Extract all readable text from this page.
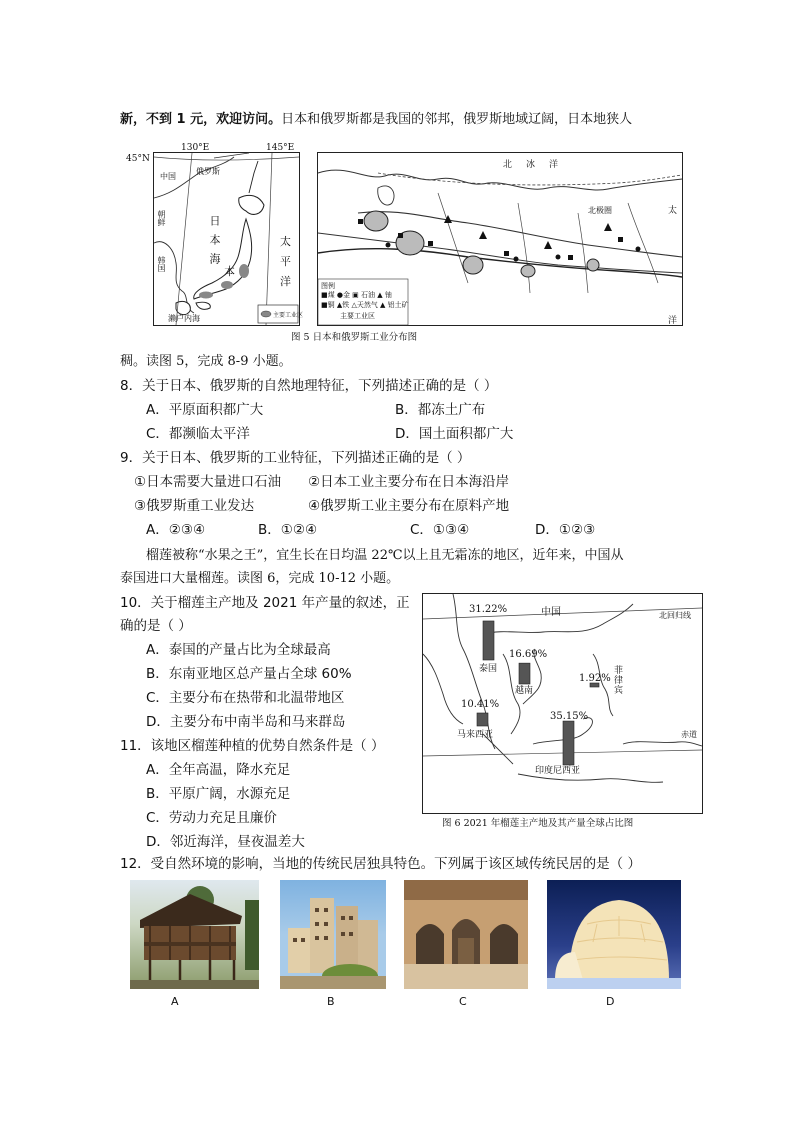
新，不到 1 元，欢迎访问。日本和俄罗斯都是我国的邻邦，俄罗斯地域辽阔，日本地狭人
俄罗斯
中国
朝鲜
韩国	日本海 本
太
平
洋
濑户内海	主要工业区
130°E	145°E
45°N
北冰洋
北极圈	太
洋
图例
■煤 ●金 ▣ 石油 ▲ 铀
■铜 ▲铁 △天然气 ▲ 铝土矿
主要工业区
图 5 日本和俄罗斯工业分布图
稠。读图 5，完成 8-9 小题。
8．关于日本、俄罗斯的自然地理特征，下列描述正确的是（ ）
A．平原面积都广大	B．都冻土广布
C．都濒临太平洋	D．国土面积都广大
9．关于日本、俄罗斯的工业特征，下列描述正确的是（ ）
①日本需要大量进口石油 ②日本工业主要分布在日本海沿岸
③俄罗斯重工业发达	④俄罗斯工业主要分布在原料产地
A．②③④	B．①②④	C．①③④	D．①②③
榴莲被称“水果之王”，宜生长在日均温 22℃以上且无霜冻的地区，近年来，中国从
泰国进口大量榴莲。读图 6，完成 10-12 小题。
10．关于榴莲主产地及 2021 年产量的叙述，正
确的是（ ）
A．泰国的产量占比为全球最高
B．东南亚地区总产量占全球 60%
C．主要分布在热带和北温带地区
D．主要分布中南半岛和马来群岛
11．该地区榴莲种植的优势自然条件是（ ）
A．全年高温，降水充足
B．平原广阔，水源充足
C．劳动力充足且廉价
D．邻近海洋，昼夜温差大
中国	北回归线
赤道
31.22%
泰国
16.69%
越南
1.92%
菲
律
宾
10.41%
马来西亚
35.15%
印度尼西亚
图 6 2021 年榴莲主产地及其产量全球占比图
12．受自然环境的影响，当地的传统民居独具特色。下列属于该区域传统民居的是（ ）
A	B	C	D
